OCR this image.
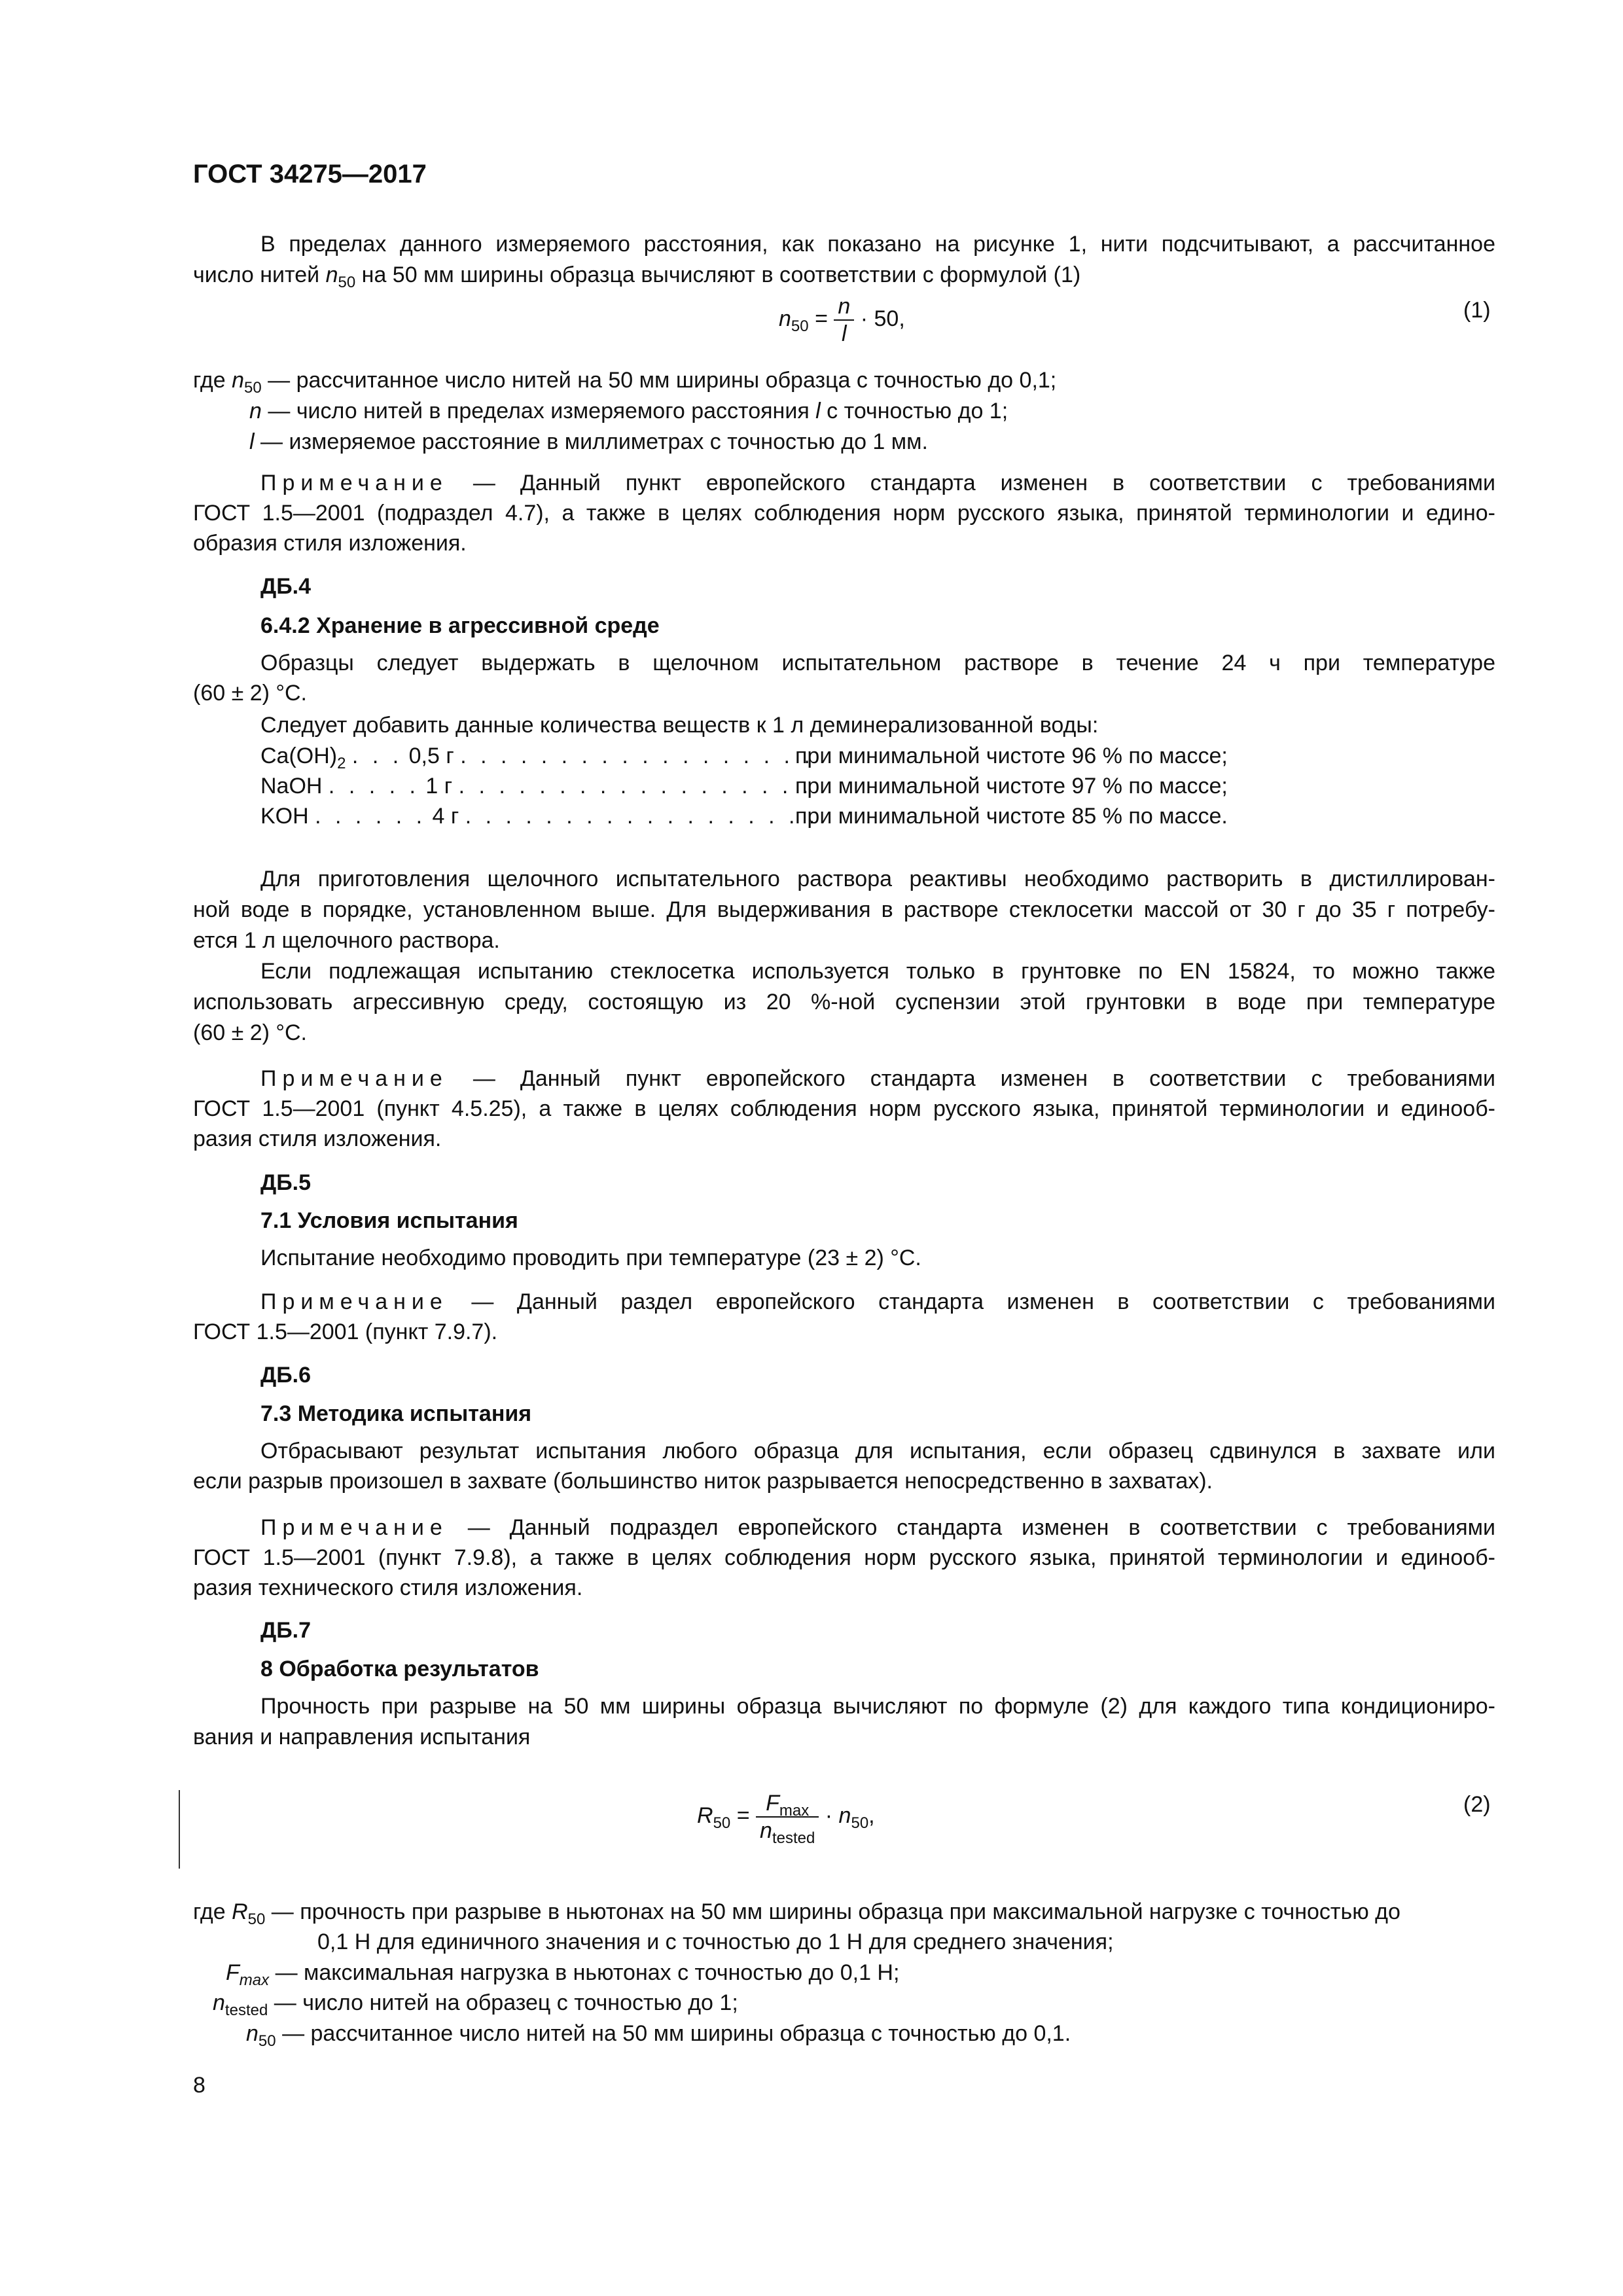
ГОСТ 34275—2017
В пределах данного измеряемого расстояния, как показано на рисунке 1, нити подсчитывают, а рассчитанное
число нитей $n_{50}$ на 50 мм ширины образца вычисляют в соответствии с формулой (1)
$n_{50} = \frac{n}{l} \cdot 50$,	(1)
где $n_{50}$ — рассчитанное число нитей на 50 мм ширины образца с точностью до 0,1;
n — число нитей в пределах измеряемого расстояния l с точностью до 1;
l — измеряемое расстояние в миллиметрах с точностью до 1 мм.
Примечание — Данный пункт европейского стандарта изменен в соответствии с требованиями
ГОСТ 1.5—2001 (подраздел 4.7), а также в целях соблюдения норм русского языка, принятой терминологии и едино-
образия стиля изложения.
ДБ.4
6.4.2 Хранение в агрессивной среде
Образцы следует выдержать в щелочном испытательном растворе в течение 24 ч при температуре
(60 ± 2) °C.
Следует добавить данные количества веществ к 1 л деминерализованной воды:
$Ca(OH)_2$ . . . 0,5 г . . . . . . . . . . . . . . . . . .
при минимальной чистоте 96 % по массе;
NaOH . . . . . 1 г . . . . . . . . . . . . . . . . . .
при минимальной чистоте 97 % по массе;
KOH . . . . . . 4 г . . . . . . . . . . . . . . . . . .
при минимальной чистоте 85 % по массе.
Для приготовления щелочного испытательного раствора реактивы необходимо растворить в дистиллирован-
ной воде в порядке, установленном выше. Для выдерживания в растворе стеклосетки массой от 30 г до 35 г потребу-
ется 1 л щелочного раствора.
Если подлежащая испытанию стеклосетка используется только в грунтовке по EN 15824, то можно также
использовать агрессивную среду, состоящую из 20 %-ной суспензии этой грунтовки в воде при температуре
(60 ± 2) °C.
Примечание — Данный пункт европейского стандарта изменен в соответствии с требованиями
ГОСТ 1.5—2001 (пункт 4.5.25), а также в целях соблюдения норм русского языка, принятой терминологии и единооб-
разия стиля изложения.
ДБ.5
7.1 Условия испытания
Испытание необходимо проводить при температуре (23 ± 2) °C.
Примечание — Данный раздел европейского стандарта изменен в соответствии с требованиями
ГОСТ 1.5—2001 (пункт 7.9.7).
ДБ.6
7.3 Методика испытания
Отбрасывают результат испытания любого образца для испытания, если образец сдвинулся в захвате или
если разрыв произошел в захвате (большинство ниток разрывается непосредственно в захватах).
Примечание — Данный подраздел европейского стандарта изменен в соответствии с требованиями
ГОСТ 1.5—2001 (пункт 7.9.8), а также в целях соблюдения норм русского языка, принятой терминологии и единооб-
разия технического стиля изложения.
ДБ.7
8 Обработка результатов
Прочность при разрыве на 50 мм ширины образца вычисляют по формуле (2) для каждого типа кондициониро-
вания и направления испытания
$R_{50} = \frac{F_{max}}{n_{tested}} \cdot n_{50}$,	(2)
где $R_{50}$ — прочность при разрыве в ньютонах на 50 мм ширины образца при максимальной нагрузке с точностью до
0,1 Н для единичного значения и с точностью до 1 Н для среднего значения;
$F_{max}$ — максимальная нагрузка в ньютонах с точностью до 0,1 Н;
$n_{tested}$ — число нитей на образец с точностью до 1;
$n_{50}$ — рассчитанное число нитей на 50 мм ширины образца с точностью до 0,1.
8
